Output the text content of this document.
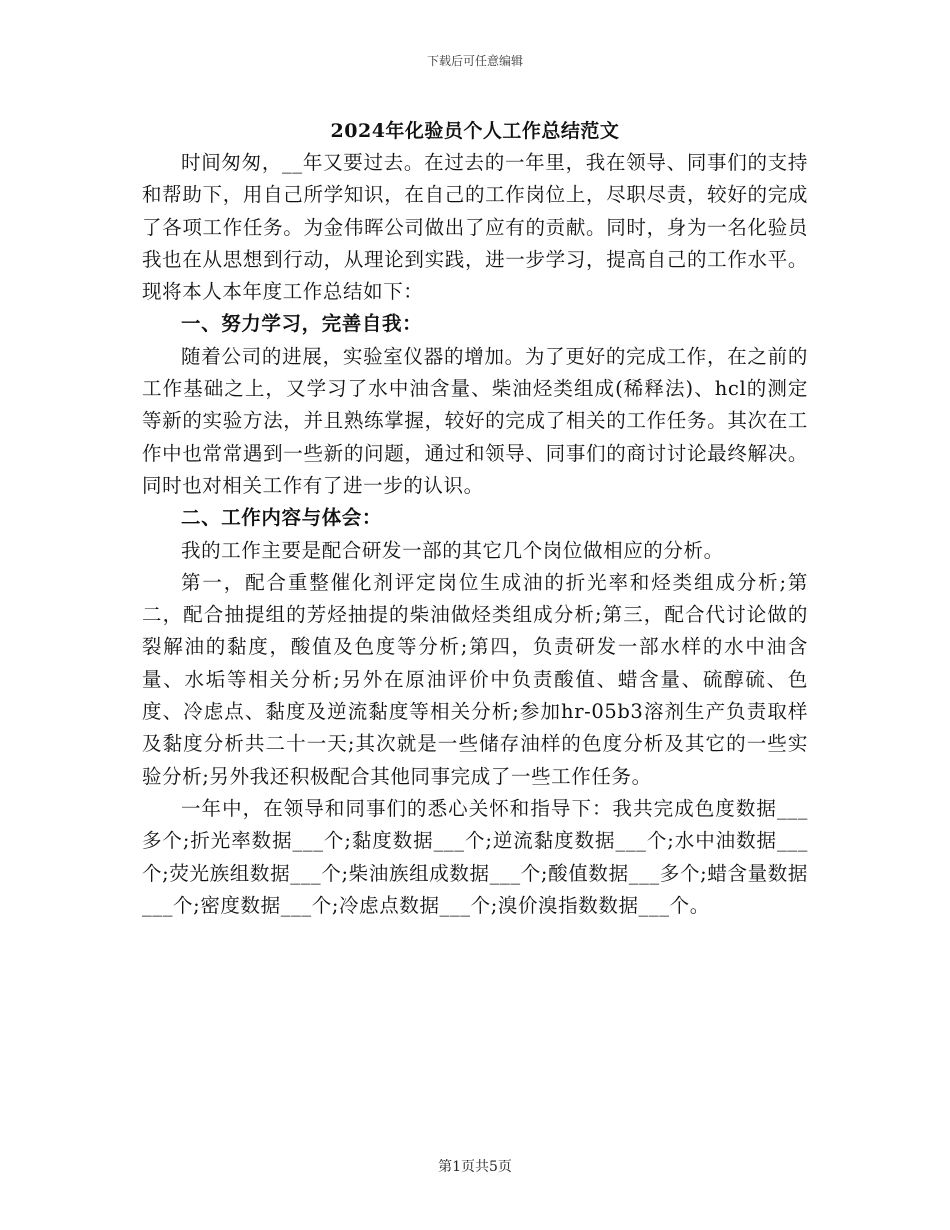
下载后可任意编辑
2024年化验员个人工作总结范文

时间匆匆，__年又要过去。在过去的一年里，我在领导、同事们的支持和帮助下，用自己所学知识，在自己的工作岗位上，尽职尽责，较好的完成了各项工作任务。为金伟晖公司做出了应有的贡献。同时，身为一名化验员我也在从思想到行动，从理论到实践，进一步学习，提高自己的工作水平。现将本人本年度工作总结如下：

一、努力学习，完善自我：

随着公司的进展，实验室仪器的增加。为了更好的完成工作，在之前的工作基础之上，又学习了水中油含量、柴油烃类组成(稀释法)、hcl的测定等新的实验方法，并且熟练掌握，较好的完成了相关的工作任务。其次在工作中也常常遇到一些新的问题，通过和领导、同事们的商讨讨论最终解决。同时也对相关工作有了进一步的认识。

二、工作内容与体会：

我的工作主要是配合研发一部的其它几个岗位做相应的分析。

第一，配合重整催化剂评定岗位生成油的折光率和烃类组成分析;第二，配合抽提组的芳烃抽提的柴油做烃类组成分析;第三，配合代讨论做的裂解油的黏度，酸值及色度等分析;第四，负责研发一部水样的水中油含量、水垢等相关分析;另外在原油评价中负责酸值、蜡含量、硫醇硫、色度、冷虑点、黏度及逆流黏度等相关分析;参加hr-05b3溶剂生产负责取样及黏度分析共二十一天;其次就是一些储存油样的色度分析及其它的一些实验分析;另外我还积极配合其他同事完成了一些工作任务。

一年中，在领导和同事们的悉心关怀和指导下：我共完成色度数据___多个;折光率数据___个;黏度数据___个;逆流黏度数据___个;水中油数据___个;荧光族组数据___个;柴油族组成数据___个;酸值数据___多个;蜡含量数据___个;密度数据___个;冷虑点数据___个;溴价溴指数数据___个。

第1页共5页
